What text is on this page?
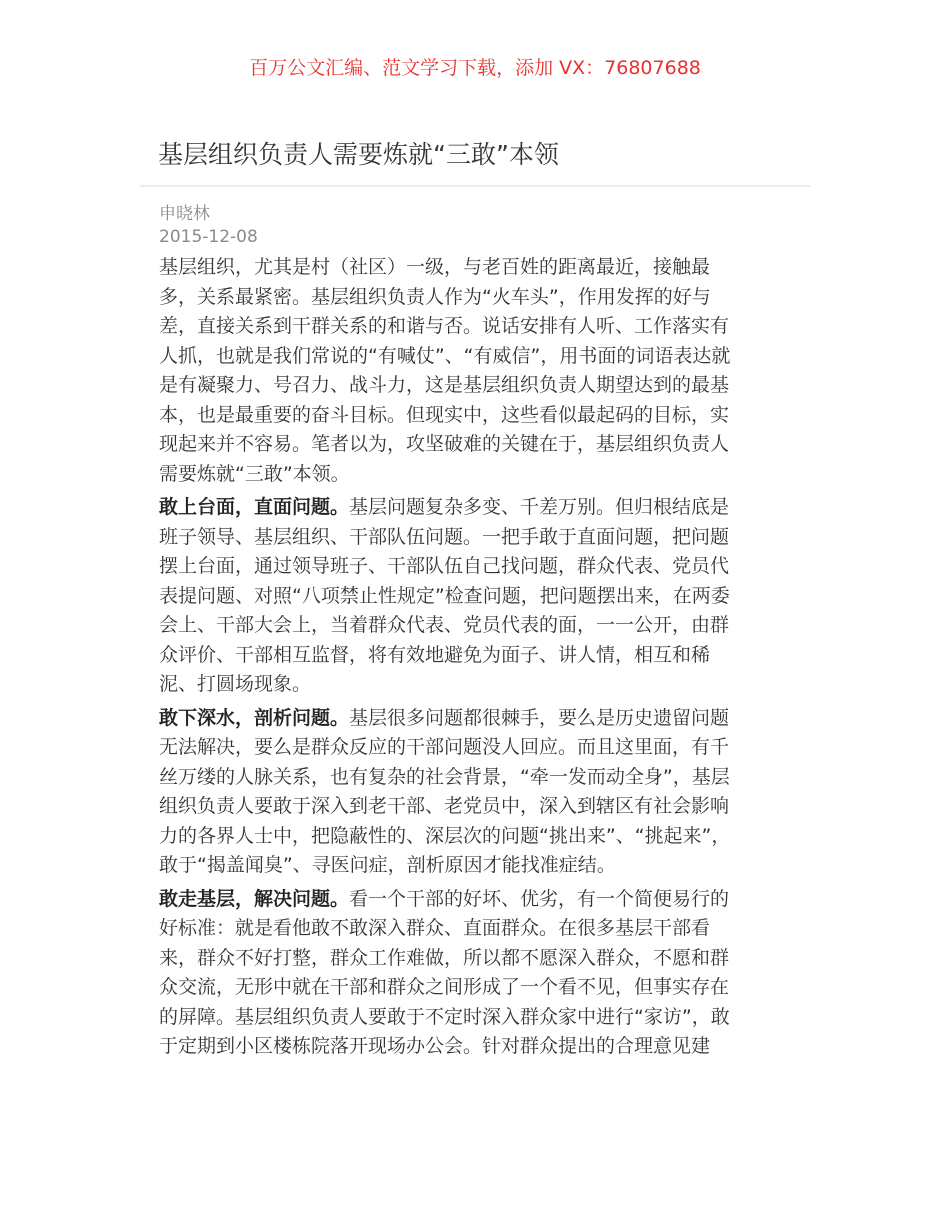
百万公文汇编、范文学习下载，添加 VX：76807688
基层组织负责人需要炼就“三敢”本领
申晓林
2015-12-08
基层组织，尤其是村（社区）一级，与老百姓的距离最近，接触最
多，关系最紧密。基层组织负责人作为“火车头”，作用发挥的好与
差，直接关系到干群关系的和谐与否。说话安排有人听、工作落实有
人抓，也就是我们常说的“有喊仗”、“有威信”，用书面的词语表达就
是有凝聚力、号召力、战斗力，这是基层组织负责人期望达到的最基
本，也是最重要的奋斗目标。但现实中，这些看似最起码的目标，实
现起来并不容易。笔者以为，攻坚破难的关键在于，基层组织负责人
需要炼就“三敢”本领。
敢上台面，直面问题。基层问题复杂多变、千差万别。但归根结底是
班子领导、基层组织、干部队伍问题。一把手敢于直面问题，把问题
摆上台面，通过领导班子、干部队伍自己找问题，群众代表、党员代
表提问题、对照“八项禁止性规定”检查问题，把问题摆出来，在两委
会上、干部大会上，当着群众代表、党员代表的面，一一公开，由群
众评价、干部相互监督，将有效地避免为面子、讲人情，相互和稀
泥、打圆场现象。
敢下深水，剖析问题。基层很多问题都很棘手，要么是历史遗留问题
无法解决，要么是群众反应的干部问题没人回应。而且这里面，有千
丝万缕的人脉关系，也有复杂的社会背景，“牵一发而动全身”，基层
组织负责人要敢于深入到老干部、老党员中，深入到辖区有社会影响
力的各界人士中，把隐蔽性的、深层次的问题“挑出来”、“挑起来”，
敢于“揭盖闻臭”、寻医问症，剖析原因才能找准症结。
敢走基层，解决问题。看一个干部的好坏、优劣，有一个简便易行的
好标准：就是看他敢不敢深入群众、直面群众。在很多基层干部看
来，群众不好打整，群众工作难做，所以都不愿深入群众，不愿和群
众交流，无形中就在干部和群众之间形成了一个看不见，但事实存在
的屏障。基层组织负责人要敢于不定时深入群众家中进行“家访”，敢
于定期到小区楼栋院落开现场办公会。针对群众提出的合理意见建
